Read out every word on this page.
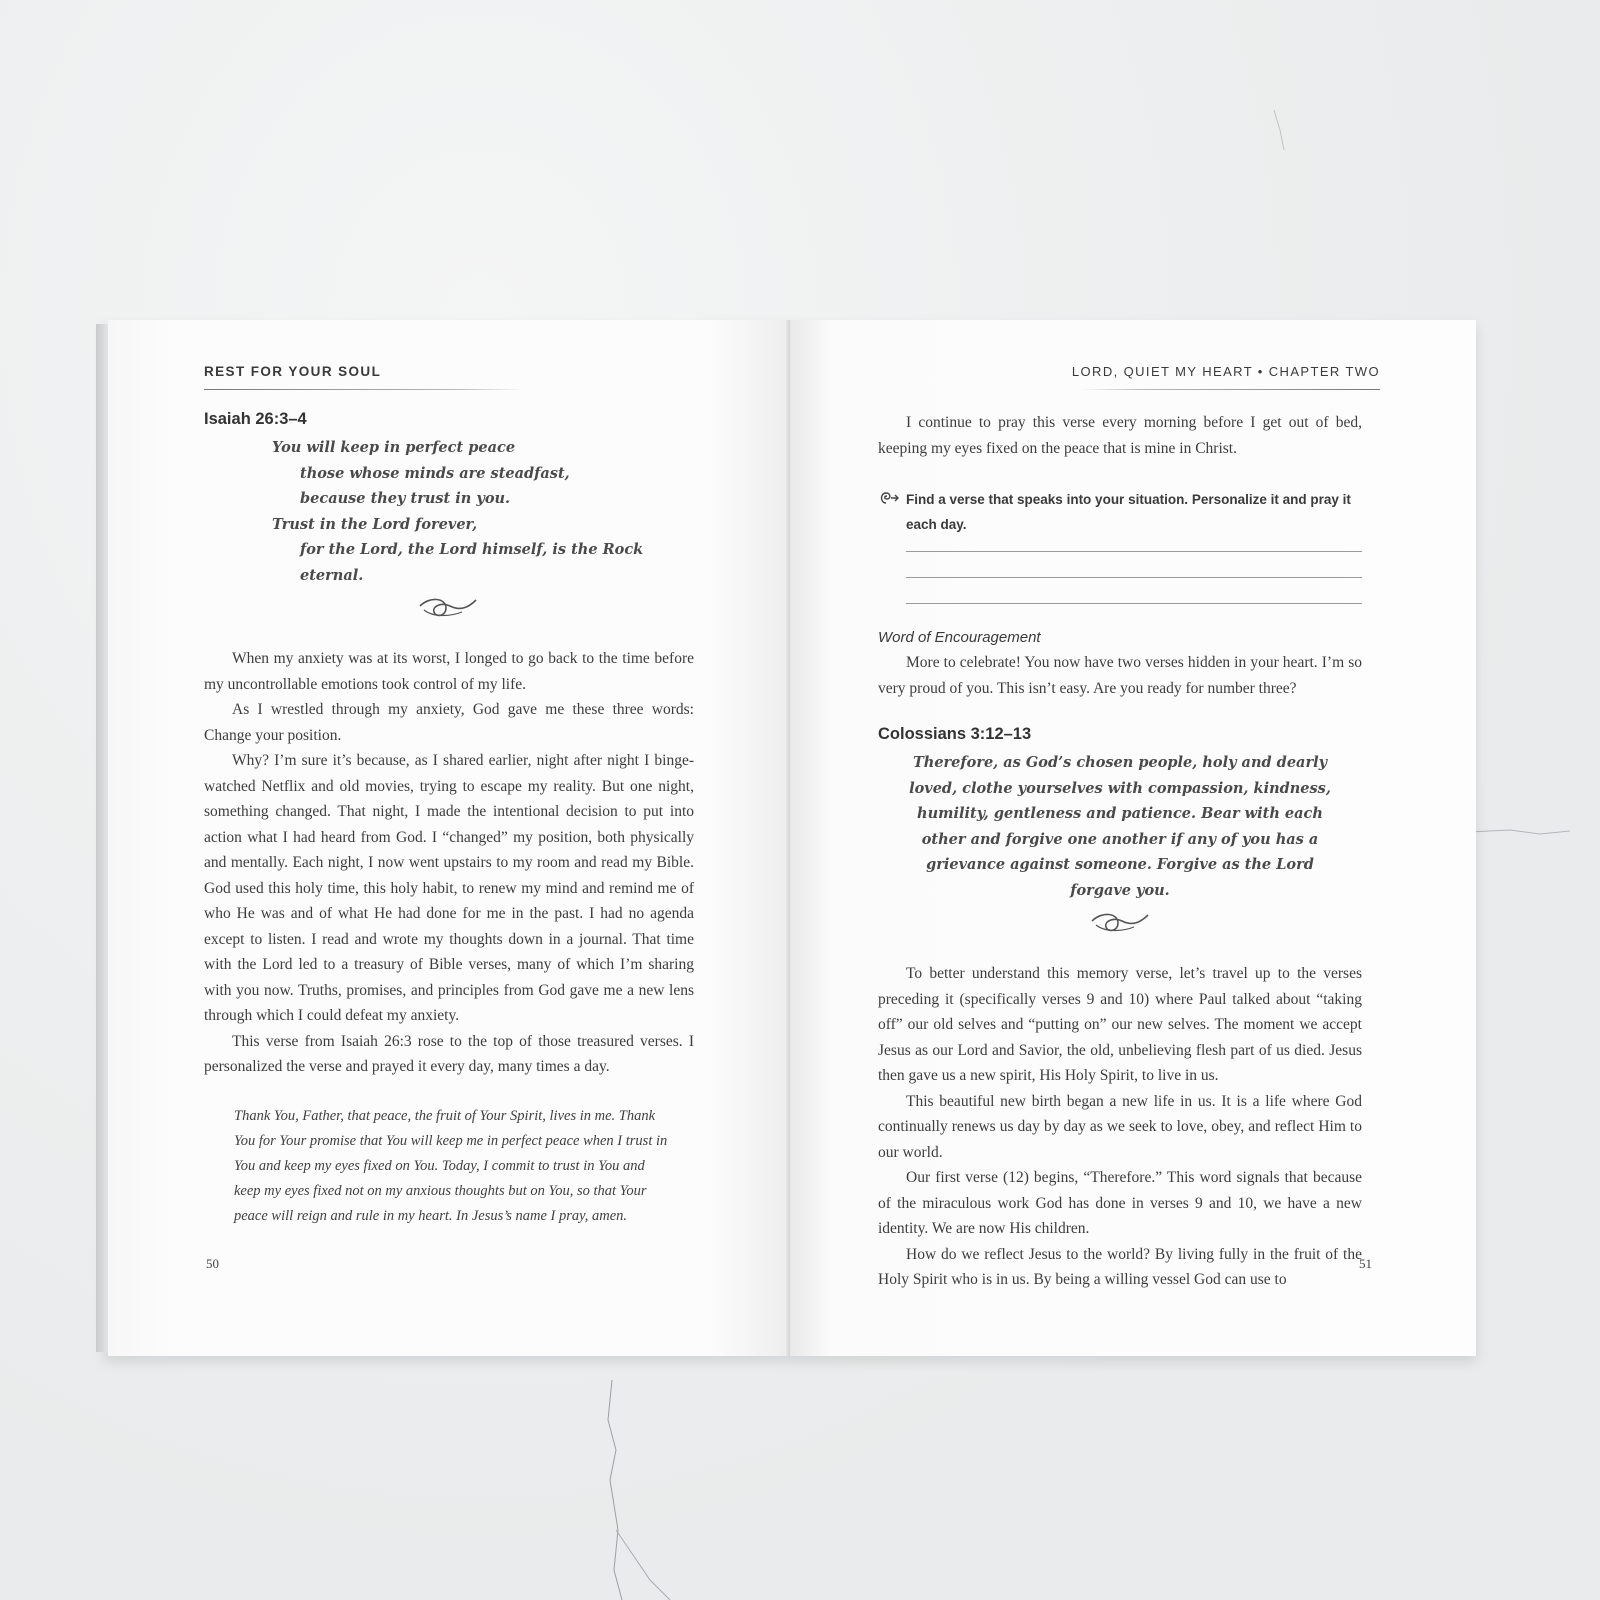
REST FOR YOUR SOUL
Isaiah 26:3–4
You will keep in perfect peace
those whose minds are steadfast,
because they trust in you.
Trust in the Lord forever,
for the Lord, the Lord himself, is the Rock eternal.

When my anxiety was at its worst, I longed to go back to the time before my uncontrollable emotions took control of my life.

As I wrestled through my anxiety, God gave me these three words: Change your position.

Why? I’m sure it’s because, as I shared earlier, night after night I binge-watched Netflix and old movies, trying to escape my reality. But one night, something changed. That night, I made the intentional decision to put into action what I had heard from God. I “changed” my position, both physically and mentally. Each night, I now went upstairs to my room and read my Bible. God used this holy time, this holy habit, to renew my mind and remind me of who He was and of what He had done for me in the past. I had no agenda except to listen. I read and wrote my thoughts down in a journal. That time with the Lord led to a treasury of Bible verses, many of which I’m sharing with you now. Truths, promises, and principles from God gave me a new lens through which I could defeat my anxiety.

This verse from Isaiah 26:3 rose to the top of those treasured verses. I personalized the verse and prayed it every day, many times a day.

Thank You, Father, that peace, the fruit of Your Spirit, lives in me. Thank You for Your promise that You will keep me in perfect peace when I trust in You and keep my eyes fixed on You. Today, I commit to trust in You and keep my eyes fixed not on my anxious thoughts but on You, so that Your peace will reign and rule in my heart. In Jesus’s name I pray, amen.
50
LORD, QUIET MY HEART • CHAPTER TWO

I continue to pray this verse every morning before I get out of bed, keeping my eyes fixed on the peace that is mine in Christ.

Find a verse that speaks into your situation. Personalize it and pray it each day.
Word of Encouragement

More to celebrate! You now have two verses hidden in your heart. I’m so very proud of you. This isn’t easy. Are you ready for number three?

Colossians 3:12–13
Therefore, as God’s chosen people, holy and dearly loved, clothe yourselves with compassion, kindness, humility, gentleness and patience. Bear with each other and forgive one another if any of you has a grievance against someone. Forgive as the Lord forgave you.

To better understand this memory verse, let’s travel up to the verses preceding it (specifically verses 9 and 10) where Paul talked about “taking off” our old selves and “putting on” our new selves. The moment we accept Jesus as our Lord and Savior, the old, unbelieving flesh part of us died. Jesus then gave us a new spirit, His Holy Spirit, to live in us.

This beautiful new birth began a new life in us. It is a life where God continually renews us day by day as we seek to love, obey, and reflect Him to our world.

Our first verse (12) begins, “Therefore.” This word signals that because of the miraculous work God has done in verses 9 and 10, we have a new identity. We are now His children.

How do we reflect Jesus to the world? By living fully in the fruit of the Holy Spirit who is in us. By being a willing vessel God can use to

51
